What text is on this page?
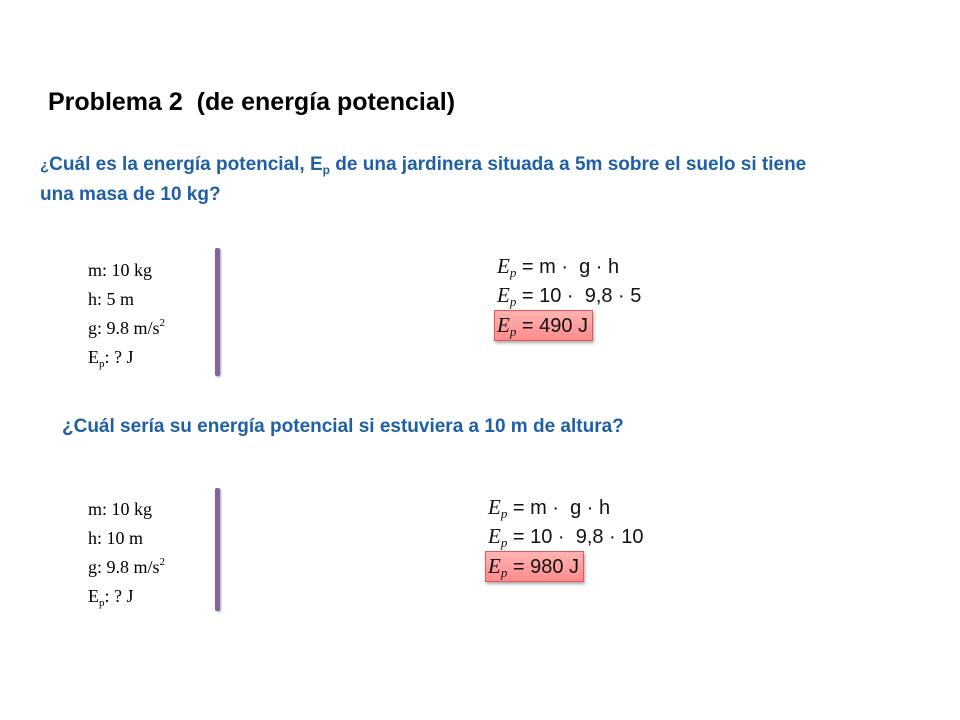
Problema 2  (de energía potencial)
¿Cuál es la energía potencial, $E_p$ de una jardinera situada a 5m sobre el suelo si tiene una masa de 10 kg?
m: 10 kg
h: 5 m
g: 9.8 $m/s^2$
$E_p$: ? J
$E_p = m \cdot g \cdot h$
$E_p = 10 \cdot 9,8 \cdot 5$
$E_p = 490$ J
¿Cuál sería su energía potencial si estuviera a 10 m de altura?
m: 10 kg
h: 10 m
g: 9.8 $m/s^2$
$E_p$: ? J
$E_p = m \cdot g \cdot h$
$E_p = 10 \cdot 9,8 \cdot 10$
$E_p = 980$ J
